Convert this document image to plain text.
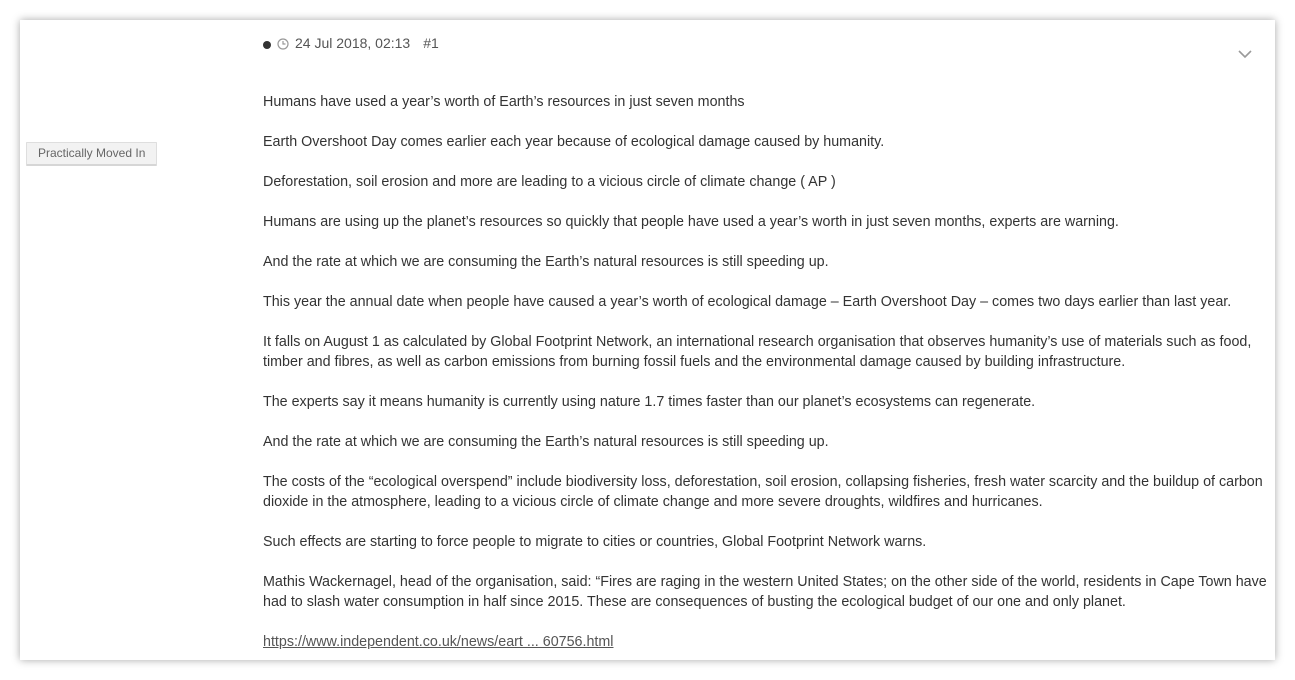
Practically Moved In
24 Jul 2018, 02:13 #1

Humans have used a year’s worth of Earth’s resources in just seven months

Earth Overshoot Day comes earlier each year because of ecological damage caused by humanity.

Deforestation, soil erosion and more are leading to a vicious circle of climate change ( AP )

Humans are using up the planet’s resources so quickly that people have used a year’s worth in just seven months, experts are warning.

And the rate at which we are consuming the Earth’s natural resources is still speeding up.

This year the annual date when people have caused a year’s worth of ecological damage – Earth Overshoot Day – comes two days earlier than last year.

It falls on August 1 as calculated by Global Footprint Network, an international research organisation that observes humanity’s use of materials such as food, timber and fibres, as well as carbon emissions from burning fossil fuels and the environmental damage caused by building infrastructure.

The experts say it means humanity is currently using nature 1.7 times faster than our planet’s ecosystems can regenerate.

And the rate at which we are consuming the Earth’s natural resources is still speeding up.

The costs of the “ecological overspend” include biodiversity loss, deforestation, soil erosion, collapsing fisheries, fresh water scarcity and the buildup of carbon dioxide in the atmosphere, leading to a vicious circle of climate change and more severe droughts, wildfires and hurricanes.

Such effects are starting to force people to migrate to cities or countries, Global Footprint Network warns.

Mathis Wackernagel, head of the organisation, said: “Fires are raging in the western United States; on the other side of the world, residents in Cape Town have had to slash water consumption in half since 2015. These are consequences of busting the ecological budget of our one and only planet.

https://www.independent.co.uk/news/eart ... 60756.html
